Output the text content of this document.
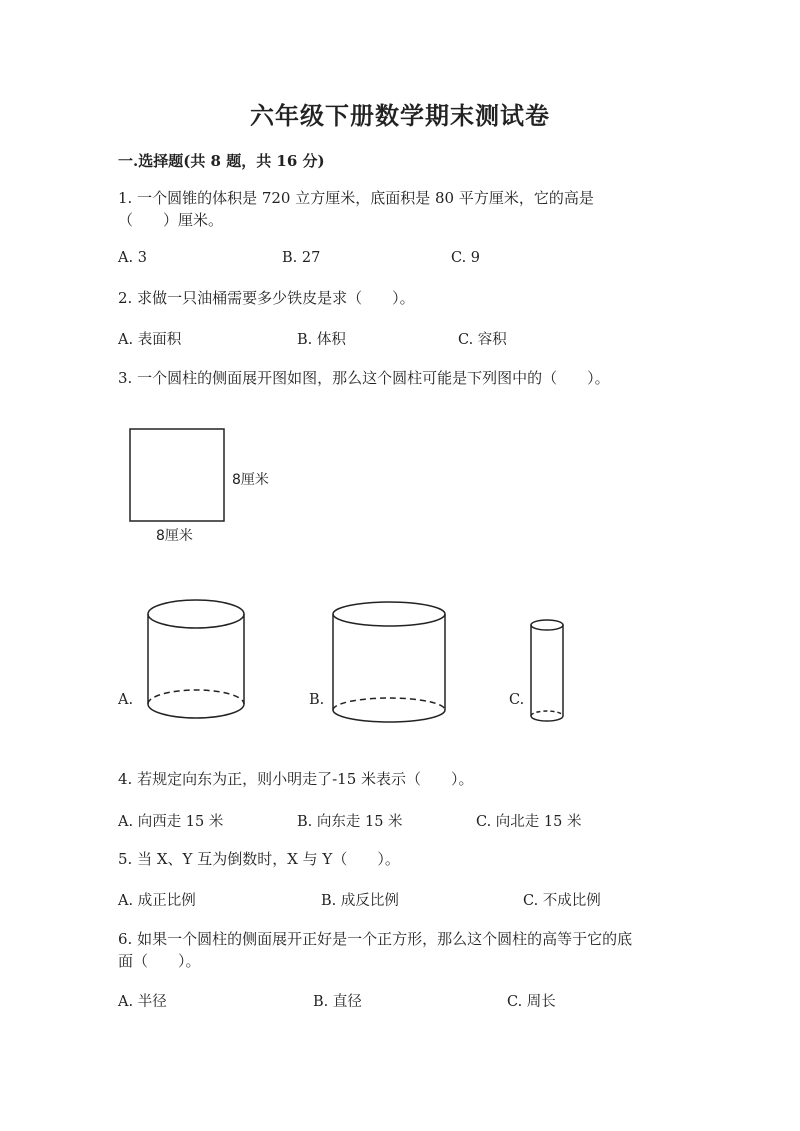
六年级下册数学期末测试卷
一.选择题(共 8 题，共 16 分)
1. 一个圆锥的体积是 720 立方厘米，底面积是 80 平方厘米，它的高是
（　　）厘米。
A. 3	B. 27	C. 9
2. 求做一只油桶需要多少铁皮是求（　　）。
A. 表面积	B. 体积	C. 容积
3. 一个圆柱的侧面展开图如图，那么这个圆柱可能是下列图中的（　　）。
8厘米
8厘米
A.	B.	C.
4. 若规定向东为正，则小明走了-15 米表示（　　）。
A. 向西走 15 米	B. 向东走 15 米	C. 向北走 15 米
5. 当 X、Y 互为倒数时，X 与 Y（　　）。
A. 成正比例	B. 成反比例	C. 不成比例
6. 如果一个圆柱的侧面展开正好是一个正方形，那么这个圆柱的高等于它的底
面（　　）。
A. 半径	B. 直径	C. 周长
